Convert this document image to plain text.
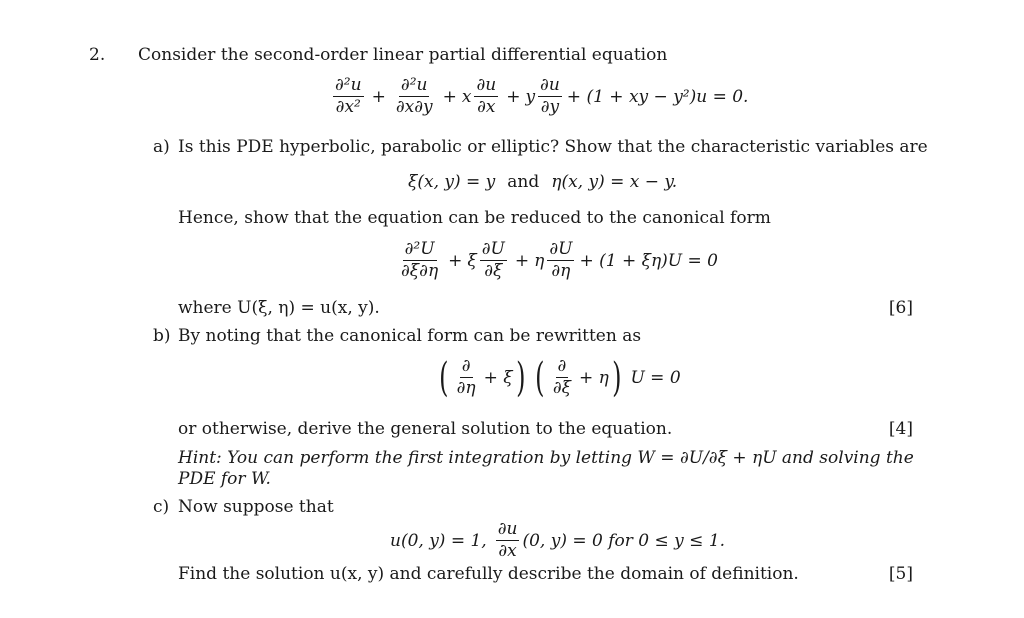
2. Consider the second-order linear partial differential equation
$\frac{\text{∂²u}}{\text{∂x²}} + \frac{\text{∂²u}}{\partial x\partial y} + x \frac{\partial u}{\partial x} + y \frac{\partial u}{\partial y} + (1$ + xy − y²)u = 0.
a) Is this PDE hyperbolic, parabolic or elliptic? Show that the characteristic variables are
ξ(x, y) = y and η(x, y) = x − y.
Hence, show that the equation can be reduced to the canonical form
$\frac{\text{∂²U}}{\partial\xi\partial\eta} + \xi \frac{\partial U}{\partial\xi} + \eta \frac{\partial U}{\partial\eta} + (1 + \xi\eta)U = 0$
where U(ξ, η) = u(x, y).	[6]
b) By noting that the canonical form can be rewritten as
( $\frac{\partial}{\partial\eta} + \xi$ ) ( $\frac{\partial}{\partial\xi} + \eta$ ) U = 0
or otherwise, derive the general solution to the equation.	[4]
Hint: You can perform the first integration by letting W = ∂U/∂ξ + ηU and solving the PDE for W.
c) Now suppose that
u(0, y) = 1, $\frac{\partial u}{\partial x} (0$, y) = 0 for 0 ≤ y ≤ 1.
Find the solution u(x, y) and carefully describe the domain of definition.	[5]
